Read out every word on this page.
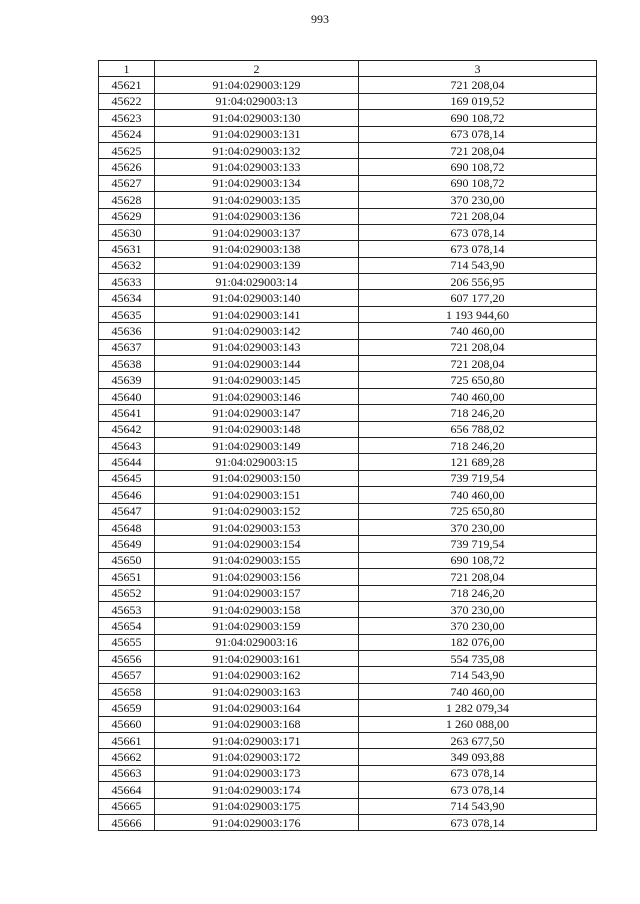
993
1	2	3
45621	91:04:029003:129	721 208,04
45622	91:04:029003:13	169 019,52
45623	91:04:029003:130	690 108,72
45624	91:04:029003:131	673 078,14
45625	91:04:029003:132	721 208,04
45626	91:04:029003:133	690 108,72
45627	91:04:029003:134	690 108,72
45628	91:04:029003:135	370 230,00
45629	91:04:029003:136	721 208,04
45630	91:04:029003:137	673 078,14
45631	91:04:029003:138	673 078,14
45632	91:04:029003:139	714 543,90
45633	91:04:029003:14	206 556,95
45634	91:04:029003:140	607 177,20
45635	91:04:029003:141	1 193 944,60
45636	91:04:029003:142	740 460,00
45637	91:04:029003:143	721 208,04
45638	91:04:029003:144	721 208,04
45639	91:04:029003:145	725 650,80
45640	91:04:029003:146	740 460,00
45641	91:04:029003:147	718 246,20
45642	91:04:029003:148	656 788,02
45643	91:04:029003:149	718 246,20
45644	91:04:029003:15	121 689,28
45645	91:04:029003:150	739 719,54
45646	91:04:029003:151	740 460,00
45647	91:04:029003:152	725 650,80
45648	91:04:029003:153	370 230,00
45649	91:04:029003:154	739 719,54
45650	91:04:029003:155	690 108,72
45651	91:04:029003:156	721 208,04
45652	91:04:029003:157	718 246,20
45653	91:04:029003:158	370 230,00
45654	91:04:029003:159	370 230,00
45655	91:04:029003:16	182 076,00
45656	91:04:029003:161	554 735,08
45657	91:04:029003:162	714 543,90
45658	91:04:029003:163	740 460,00
45659	91:04:029003:164	1 282 079,34
45660	91:04:029003:168	1 260 088,00
45661	91:04:029003:171	263 677,50
45662	91:04:029003:172	349 093,88
45663	91:04:029003:173	673 078,14
45664	91:04:029003:174	673 078,14
45665	91:04:029003:175	714 543,90
45666	91:04:029003:176	673 078,14
